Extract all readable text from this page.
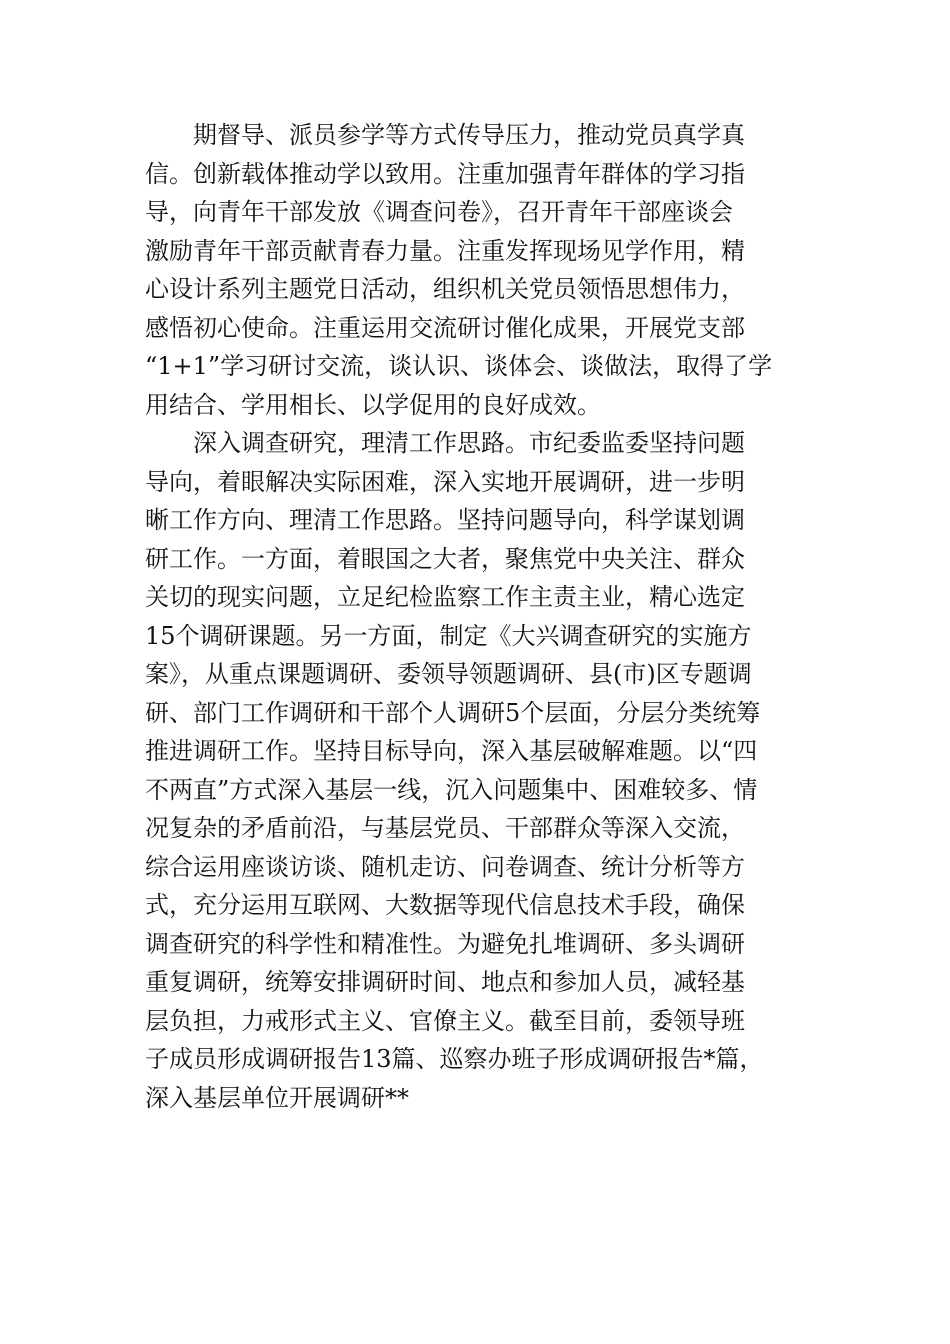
期督导、派员参学等方式传导压力，推动党员真学真
信。创新载体推动学以致用。注重加强青年群体的学习指
导，向青年干部发放《调查问卷》，召开青年干部座谈会
激励青年干部贡献青春力量。注重发挥现场见学作用，精
心设计系列主题党日活动，组织机关党员领悟思想伟力，
感悟初心使命。注重运用交流研讨催化成果，开展党支部
“1+1”学习研讨交流，谈认识、谈体会、谈做法，取得了学
用结合、学用相长、以学促用的良好成效。
深入调查研究，理清工作思路。市纪委监委坚持问题
导向，着眼解决实际困难，深入实地开展调研，进一步明
晰工作方向、理清工作思路。坚持问题导向，科学谋划调
研工作。一方面，着眼国之大者，聚焦党中央关注、群众
关切的现实问题，立足纪检监察工作主责主业，精心选定
15个调研课题。另一方面，制定《大兴调查研究的实施方
案》，从重点课题调研、委领导领题调研、县(市)区专题调
研、部门工作调研和干部个人调研5个层面，分层分类统筹
推进调研工作。坚持目标导向，深入基层破解难题。以“四
不两直”方式深入基层一线，沉入问题集中、困难较多、情
况复杂的矛盾前沿，与基层党员、干部群众等深入交流，
综合运用座谈访谈、随机走访、问卷调查、统计分析等方
式，充分运用互联网、大数据等现代信息技术手段，确保
调查研究的科学性和精准性。为避免扎堆调研、多头调研
重复调研，统筹安排调研时间、地点和参加人员，减轻基
层负担，力戒形式主义、官僚主义。截至目前，委领导班
子成员形成调研报告13篇、巡察办班子形成调研报告*篇，
深入基层单位开展调研**
